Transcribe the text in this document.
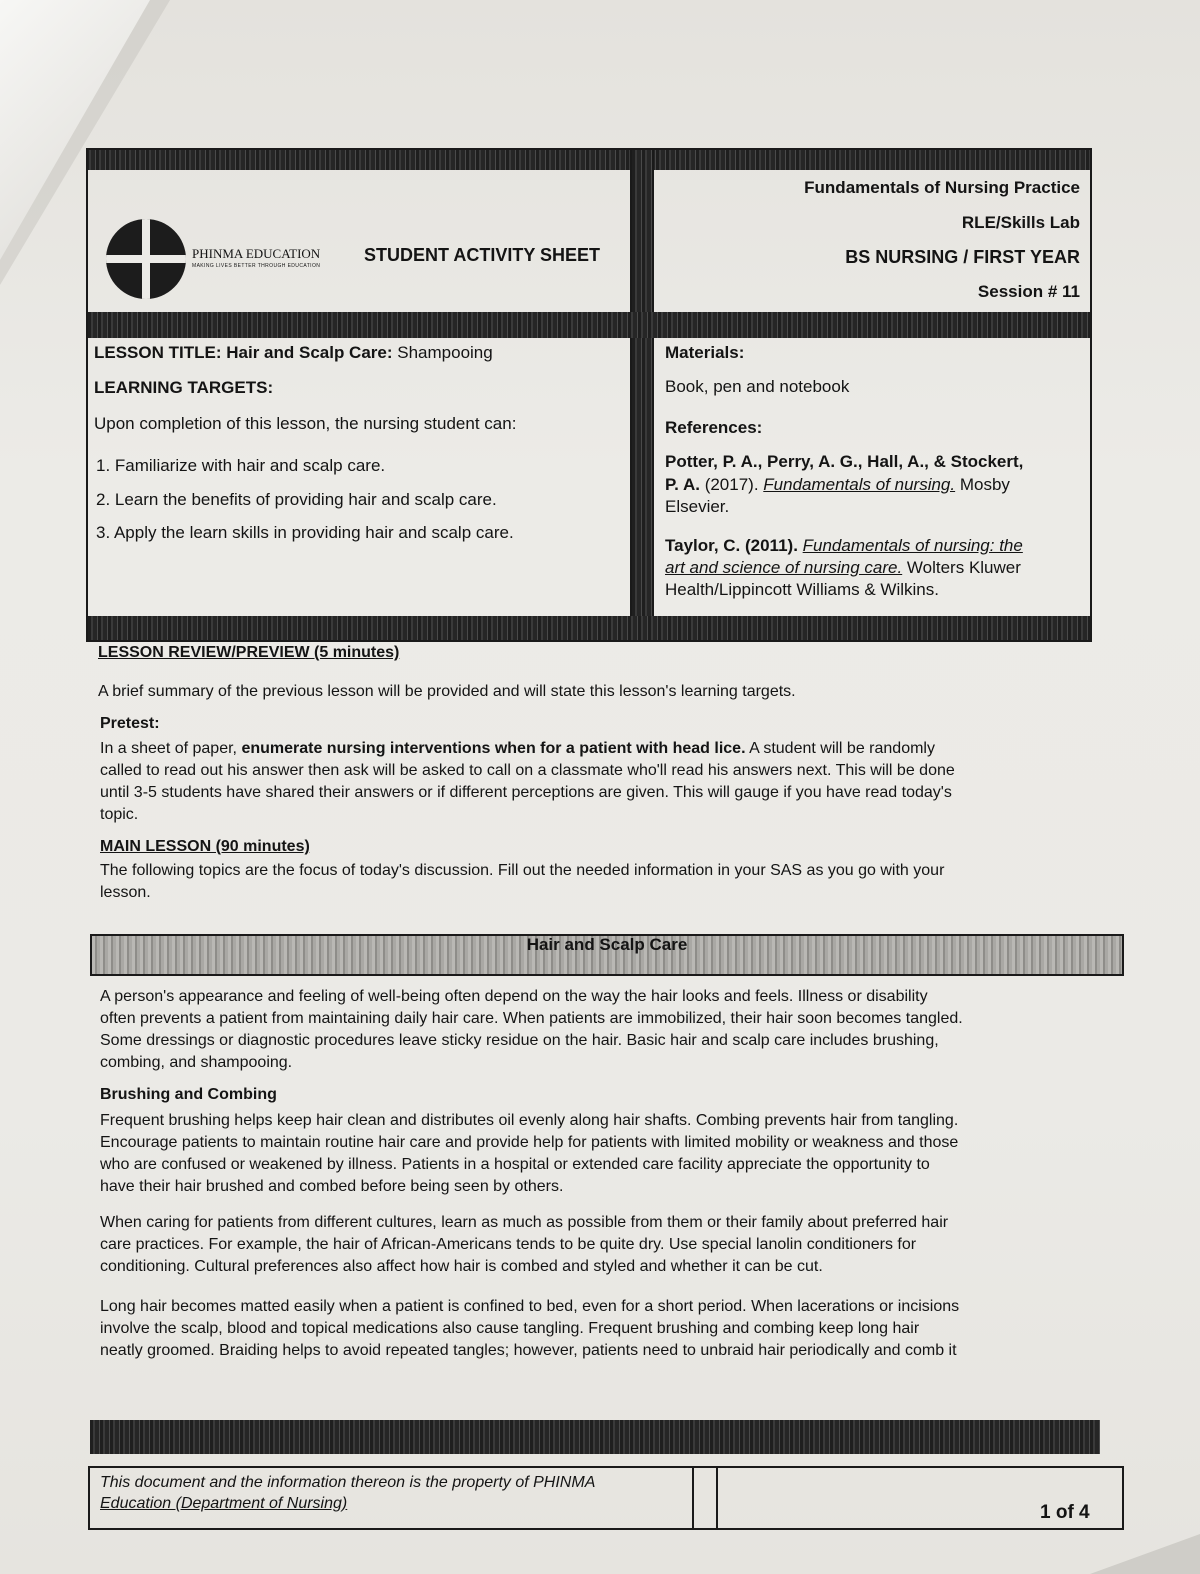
PHINMA EDUCATION
MAKING LIVES BETTER THROUGH EDUCATION
STUDENT ACTIVITY SHEET
Fundamentals of Nursing Practice
RLE/Skills Lab
BS NURSING / FIRST YEAR
Session # 11
LESSON TITLE: Hair and Scalp Care: Shampooing
LEARNING TARGETS:
Upon completion of this lesson, the nursing student can:
1. Familiarize with hair and scalp care.
2. Learn the benefits of providing hair and scalp care.
3. Apply the learn skills in providing hair and scalp care.
Materials:
Book, pen and notebook
References:
Potter, P. A., Perry, A. G., Hall, A., & Stockert,
P. A. (2017). Fundamentals of nursing. Mosby
Elsevier.
Taylor, C. (2011). Fundamentals of nursing: the
art and science of nursing care. Wolters Kluwer
Health/Lippincott Williams & Wilkins.
LESSON REVIEW/PREVIEW (5 minutes)
A brief summary of the previous lesson will be provided and will state this lesson's learning targets.
Pretest:
In a sheet of paper, enumerate nursing interventions when for a patient with head lice. A student will be randomly
called to read out his answer then ask will be asked to call on a classmate who'll read his answers next. This will be done
until 3-5 students have shared their answers or if different perceptions are given. This will gauge if you have read today's
topic.
MAIN LESSON (90 minutes)
The following topics are the focus of today's discussion. Fill out the needed information in your SAS as you go with your
lesson.
Hair and Scalp Care
A person's appearance and feeling of well-being often depend on the way the hair looks and feels. Illness or disability
often prevents a patient from maintaining daily hair care. When patients are immobilized, their hair soon becomes tangled.
Some dressings or diagnostic procedures leave sticky residue on the hair. Basic hair and scalp care includes brushing,
combing, and shampooing.
Brushing and Combing
Frequent brushing helps keep hair clean and distributes oil evenly along hair shafts. Combing prevents hair from tangling.
Encourage patients to maintain routine hair care and provide help for patients with limited mobility or weakness and those
who are confused or weakened by illness. Patients in a hospital or extended care facility appreciate the opportunity to
have their hair brushed and combed before being seen by others.
When caring for patients from different cultures, learn as much as possible from them or their family about preferred hair
care practices. For example, the hair of African-Americans tends to be quite dry. Use special lanolin conditioners for
conditioning. Cultural preferences also affect how hair is combed and styled and whether it can be cut.
Long hair becomes matted easily when a patient is confined to bed, even for a short period. When lacerations or incisions
involve the scalp, blood and topical medications also cause tangling. Frequent brushing and combing keep long hair
neatly groomed. Braiding helps to avoid repeated tangles; however, patients need to unbraid hair periodically and comb it
This document and the information thereon is the property of PHINMA
Education (Department of Nursing)	1 of 4
